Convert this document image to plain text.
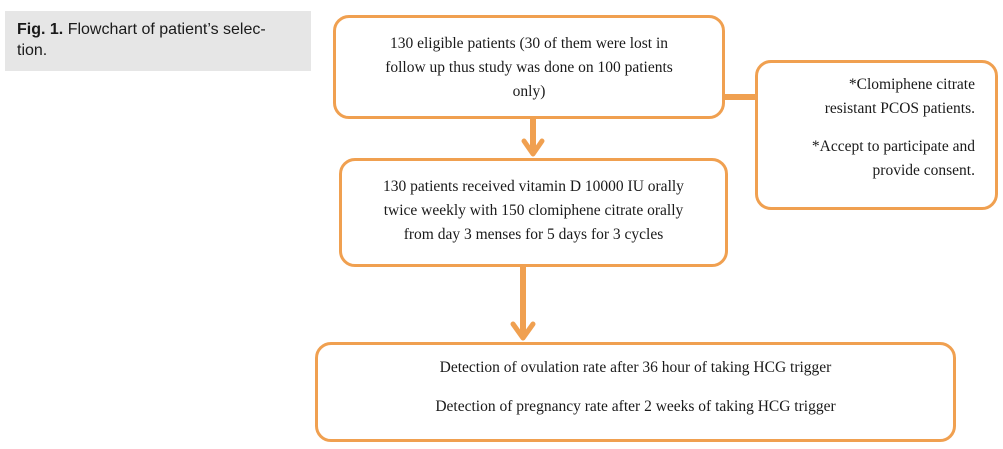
Fig. 1. Flowchart of patient’s selec-
tion.	130 eligible patients (30 of them were lost in
follow up thus study was done on 100 patients
only)	*Clomiphene citrate
resistant PCOS patients.
*Accept to participate and
provide consent.
130 patients received vitamin D 10000 IU orally
twice weekly with 150 clomiphene citrate orally
from day 3 menses for 5 days for 3 cycles
Detection of ovulation rate after 36 hour of taking HCG trigger
Detection of pregnancy rate after 2 weeks of taking HCG trigger
